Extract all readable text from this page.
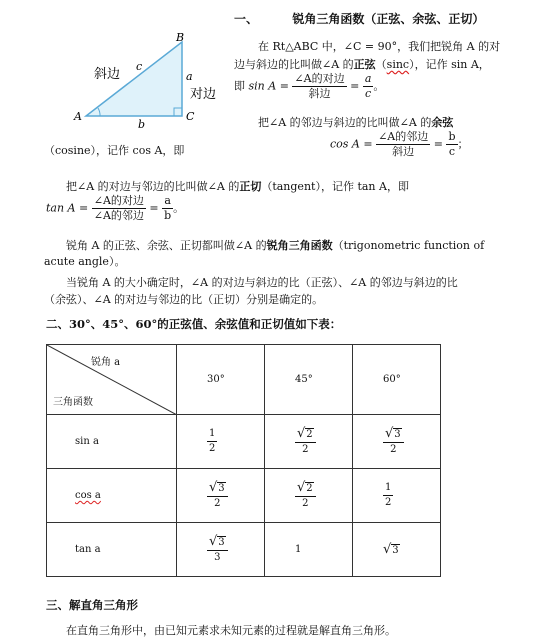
一、	锐角三角函数（正弦、余弦、正切）
A
B
C
a
b
c
斜边
对边
在 Rt△ABC 中，∠C = 90°，我们把锐角 A 的对
边与斜边的比叫做∠A 的正弦（sinc），记作 sin A，
即 $\sin A = \frac{\text{∠A的对边}}{\text{斜边}} = \frac{a}{c}$ 。
把∠A 的邻边与斜边的比叫做∠A 的余弦
$\cos A = \frac{\text{∠A的邻边}}{\text{斜边}} = \frac{b}{c}$ ；
（cosine），记作 cos A，即
把∠A 的对边与邻边的比叫做∠A 的正切（tangent），记作 tan A，即
$\tan A = \frac{\text{∠A的对边}}{\text{∠A的邻边}} = \frac{a}{b}$ 。
锐角 A 的正弦、余弦、正切都叫做∠A 的锐角三角函数（trigonometric function of
acute angle）。
当锐角 A 的大小确定时，∠A 的对边与斜边的比（正弦）、∠A 的邻边与斜边的比
（余弦）、∠A 的对边与邻边的比（正切）分别是确定的。
二、30°、45°、60°的正弦值、余弦值和正切值如下表：
锐角 a
三角函数	30°	45°	60°
sin a	$\frac{1}{2}$	$\frac{√2}{2}$	$\frac{√3}{2}$

cos a	$\frac{√3}{2}$	$\frac{√2}{2}$	$\frac{1}{2}$

tan a	$\frac{√3}{3}$	1	√3
三、解直角三角形
在直角三角形中，由已知元素求未知元素的过程就是解直角三角形。
